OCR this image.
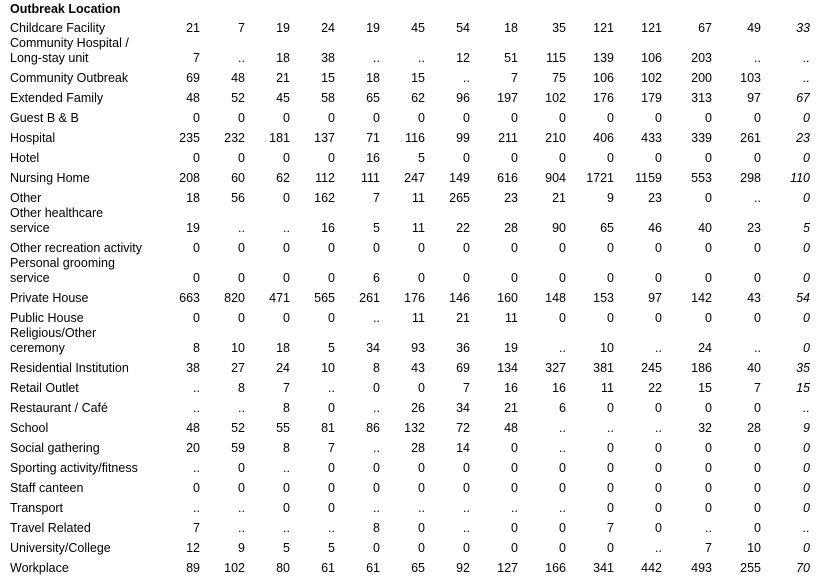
Outbreak Location
Childcare Facility	21	7	19	24	19	45	54	18	35	121	121	67	49	33
Community Hospital /
Long-stay unit	7	..	18	38	..	..	12	51	115	139	106	203	..	..
Community Outbreak	69	48	21	15	18	15	..	7	75	106	102	200	103	..
Extended Family	48	52	45	58	65	62	96	197	102	176	179	313	97	67
Guest B & B	0	0	0	0	0	0	0	0	0	0	0	0	0	0
Hospital	235	232	181	137	71	116	99	211	210	406	433	339	261	23
Hotel	0	0	0	0	16	5	0	0	0	0	0	0	0	0
Nursing Home	208	60	62	112	111	247	149	616	904	1721	1159	553	298	110
Other	18	56	0	162	7	11	265	23	21	9	23	0	..	0
Other healthcare
service	19	..	..	16	5	11	22	28	90	65	46	40	23	5
Other recreation activity	0	0	0	0	0	0	0	0	0	0	0	0	0	0
Personal grooming
service	0	0	0	0	6	0	0	0	0	0	0	0	0	0
Private House	663	820	471	565	261	176	146	160	148	153	97	142	43	54
Public House	0	0	0	0	..	11	21	11	0	0	0	0	0	0
Religious/Other
ceremony	8	10	18	5	34	93	36	19	..	10	..	24	..	0
Residential Institution	38	27	24	10	8	43	69	134	327	381	245	186	40	35
Retail Outlet	..	8	7	..	0	0	7	16	16	11	22	15	7	15
Restaurant / Café	..	..	8	0	..	26	34	21	6	0	0	0	0	..
School	48	52	55	81	86	132	72	48	..	..	..	32	28	9
Social gathering	20	59	8	7	..	28	14	0	..	0	0	0	0	0
Sporting activity/fitness	..	0	..	0	0	0	0	0	0	0	0	0	0	0
Staff canteen	0	0	0	0	0	0	0	0	0	0	0	0	0	0
Transport	..	..	0	0	..	..	..	..	..	0	0	0	0	0
Travel Related	7	..	..	..	8	0	..	0	0	7	0	..	0	..
University/College	12	9	5	5	0	0	0	0	0	0	..	7	10	0
Workplace	89	102	80	61	61	65	92	127	166	341	442	493	255	70
